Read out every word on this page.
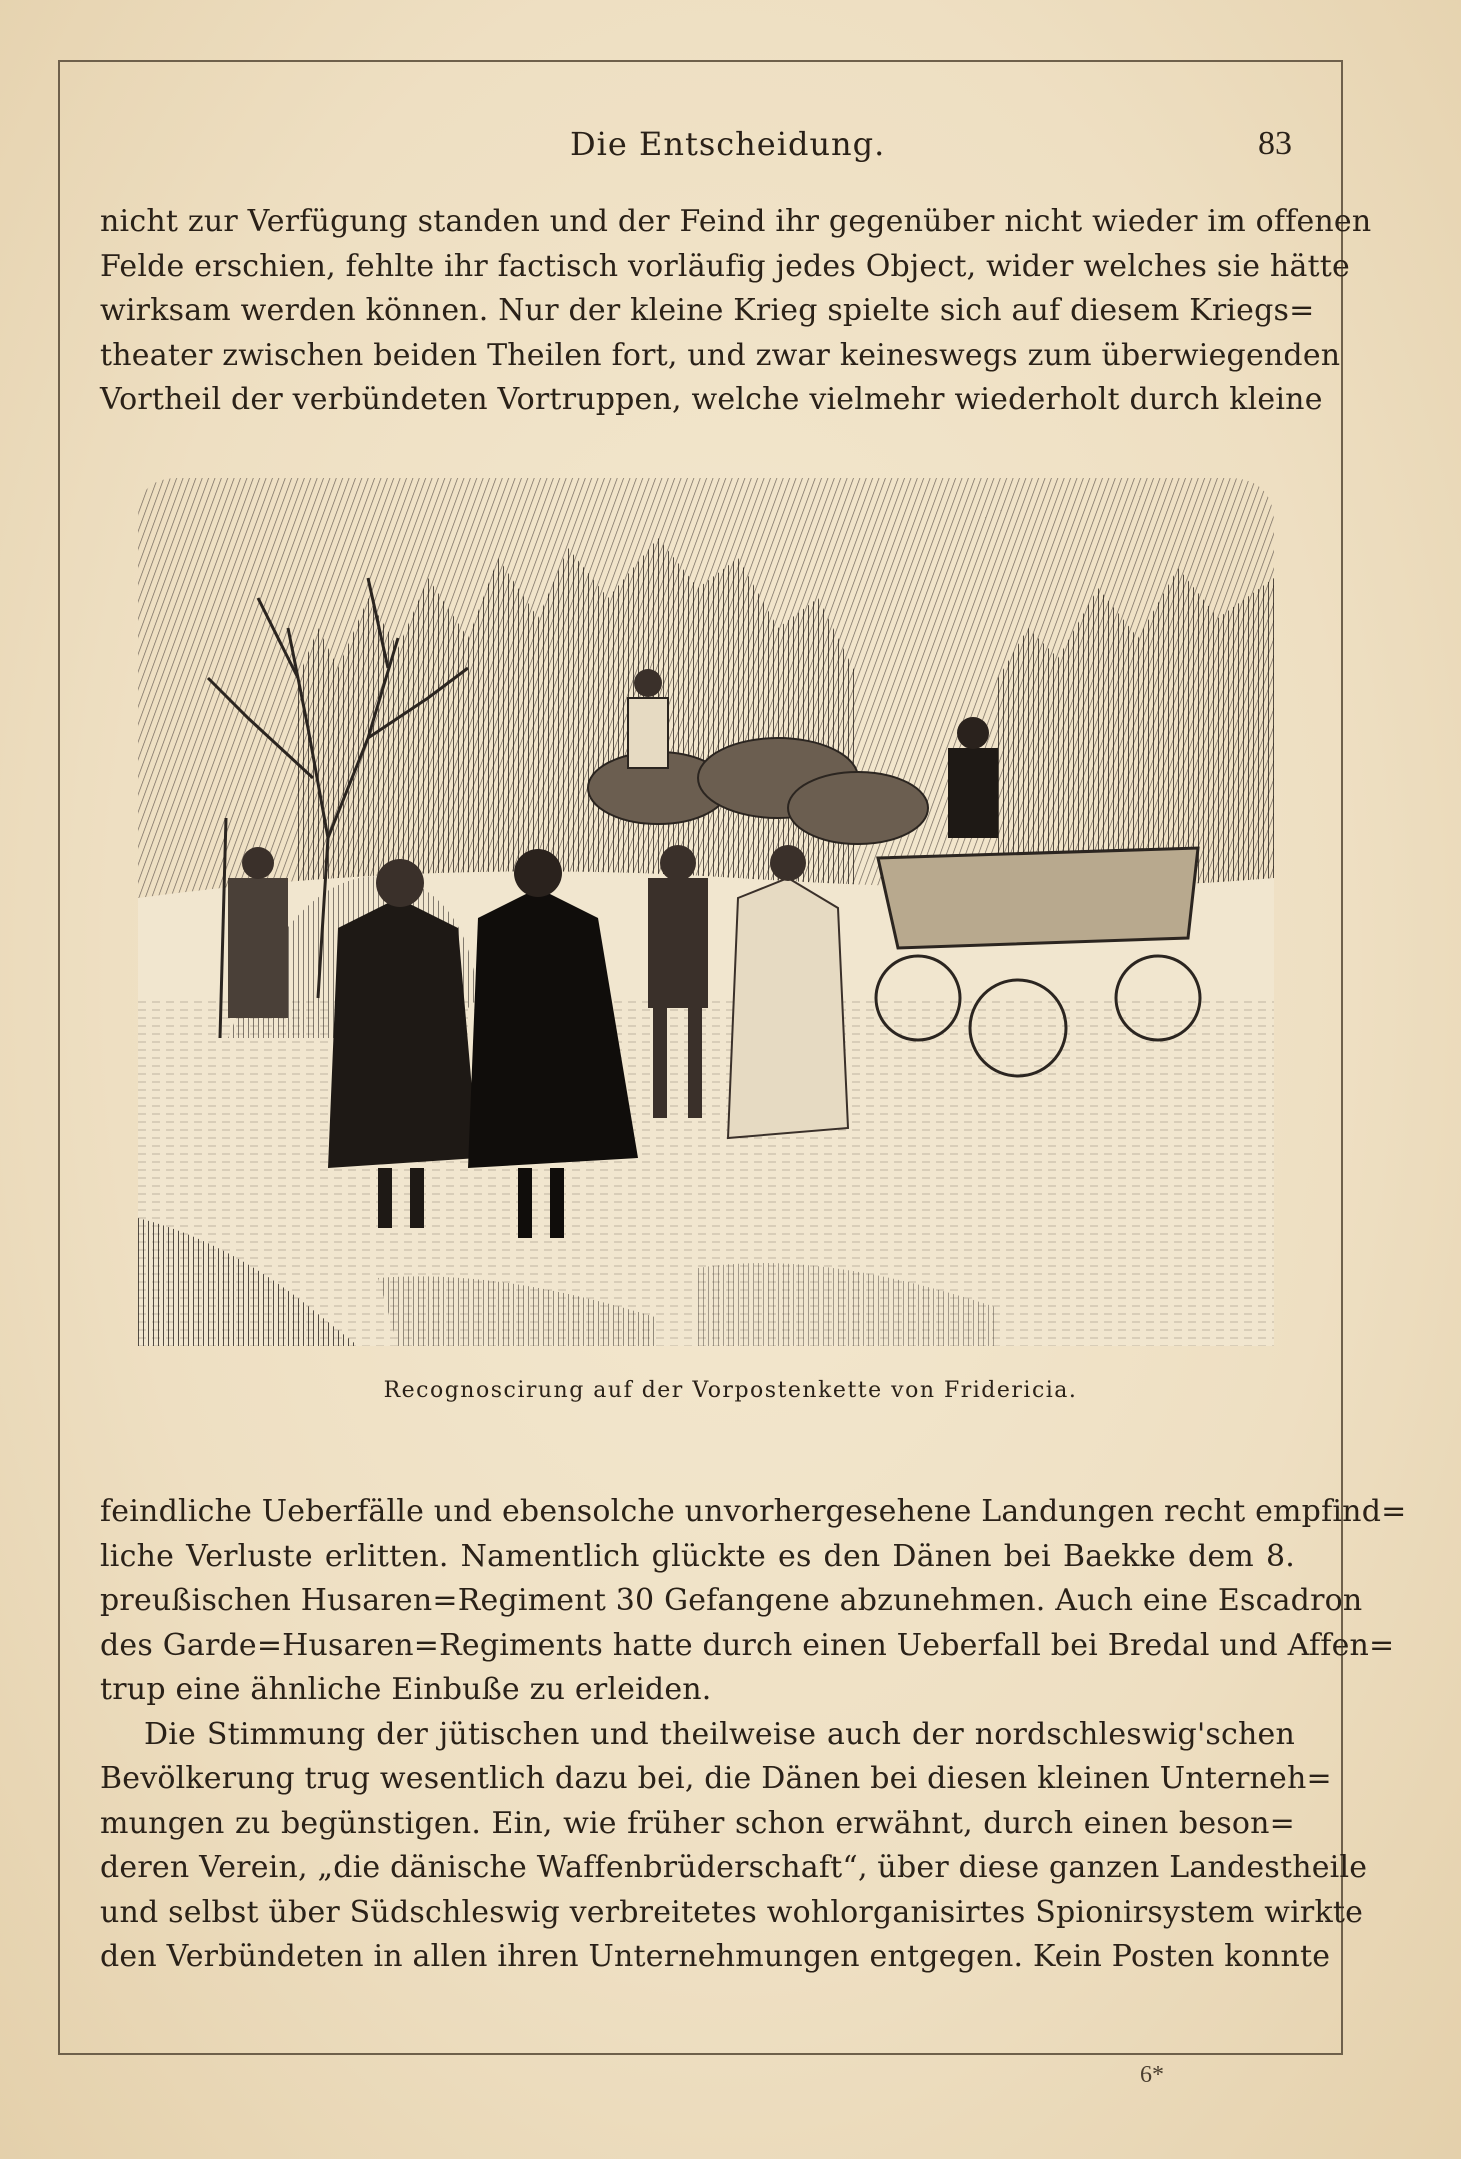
Die Entscheidung.	83
nicht zur Verfügung standen und der Feind ihr gegenüber nicht wieder im offenen
Felde erschien, fehlte ihr factisch vorläufig jedes Object, wider welches sie hätte
wirksam werden können. Nur der kleine Krieg spielte sich auf diesem Kriegs=
theater zwischen beiden Theilen fort, und zwar keineswegs zum überwiegenden
Vortheil der verbündeten Vortruppen, welche vielmehr wiederholt durch kleine
Recognoscirung auf der Vorpostenkette von Fridericia.
feindliche Ueberfälle und ebensolche unvorhergesehene Landungen recht empfind=
liche Verluste erlitten. Namentlich glückte es den Dänen bei Baekke dem 8.
preußischen Husaren=Regiment 30 Gefangene abzunehmen. Auch eine Escadron
des Garde=Husaren=Regiments hatte durch einen Ueberfall bei Bredal und Affen=
trup eine ähnliche Einbuße zu erleiden.
Die Stimmung der jütischen und theilweise auch der nordschleswig'schen
Bevölkerung trug wesentlich dazu bei, die Dänen bei diesen kleinen Unterneh=
mungen zu begünstigen. Ein, wie früher schon erwähnt, durch einen beson=
deren Verein, „die dänische Waffenbrüderschaft“, über diese ganzen Landestheile
und selbst über Südschleswig verbreitetes wohlorganisirtes Spionirsystem wirkte
den Verbündeten in allen ihren Unternehmungen entgegen. Kein Posten konnte
6*
